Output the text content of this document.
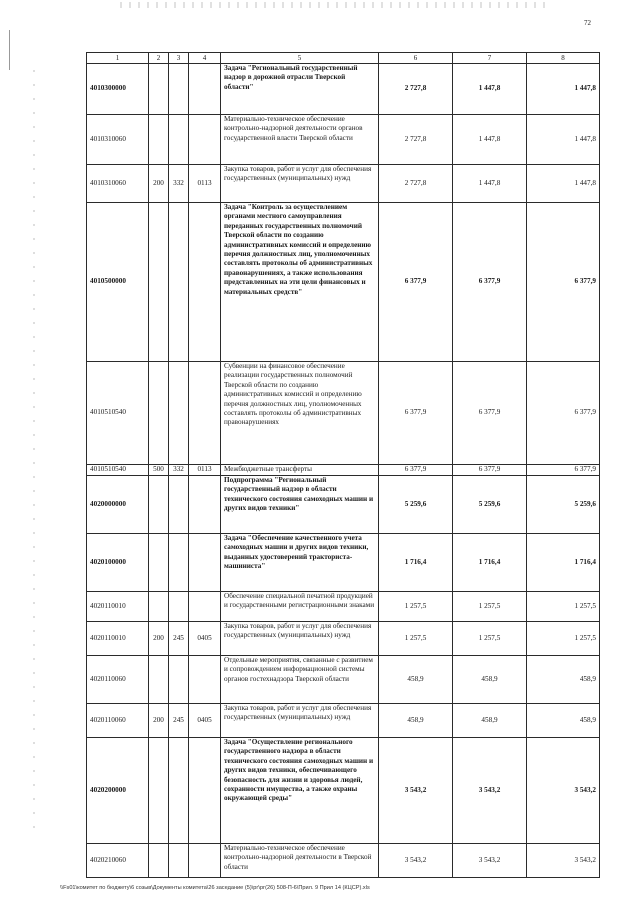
72
1	2	3	4	5	6	7	8
4010300000				Задача "Региональный государственный надзор в дорожной отрасли Тверской области"	2 727,8	1 447,8	1 447,8
4010310060				Материально-техническое обеспечение контрольно-надзорной деятельности органов государственной власти Тверской области	2 727,8	1 447,8	1 447,8
4010310060	200	332	0113	Закупка товаров, работ и услуг для обеспечения государственных (муниципальных) нужд	2 727,8	1 447,8	1 447,8
4010500000				Задача "Контроль за осуществлением органами местного самоуправления переданных государственных полномочий Тверской области по созданию административных комиссий и определению перечня должностных лиц, уполномоченных составлять протоколы об административных правонарушениях, а также использования представленных на эти цели финансовых и материальных средств"	6 377,9	6 377,9	6 377,9
4010510540				Субвенции на финансовое обеспечение реализации государственных полномочий Тверской области по созданию административных комиссий и определению перечня должностных лиц, уполномоченных составлять протоколы об административных правонарушениях	6 377,9	6 377,9	6 377,9
4010510540	500	332	0113	Межбюджетные трансферты	6 377,9	6 377,9	6 377,9
4020000000				Подпрограмма "Региональный государственный надзор в области технического состояния самоходных машин и других видов техники"	5 259,6	5 259,6	5 259,6
4020100000				Задача "Обеспечение качественного учета самоходных машин и других видов техники, выданных удостоверений тракториста-машиниста"	1 716,4	1 716,4	1 716,4
4020110010				Обеспечение специальной печатной продукцией и государственными регистрационными знаками	1 257,5	1 257,5	1 257,5
4020110010	200	245	0405	Закупка товаров, работ и услуг для обеспечения государственных (муниципальных) нужд	1 257,5	1 257,5	1 257,5
4020110060				Отдельные мероприятия, связанные с развитием и сопровождением информационной системы органов гостехнадзора Тверской области	458,9	458,9	458,9
4020110060	200	245	0405	Закупка товаров, работ и услуг для обеспечения государственных (муниципальных) нужд	458,9	458,9	458,9
4020200000				Задача "Осуществление регионального государственного надзора в области технического состояния самоходных машин и других видов техники, обеспечивающего безопасность для жизни и здоровья людей, сохранности имущества, а также охраны окружающей среды"	3 543,2	3 543,2	3 543,2
4020210060				Материально-техническое обеспечение контрольно-надзорной деятельности в Тверской области	3 543,2	3 543,2	3 543,2
\\Fs01\комитет по бюджету\6 созыв\Документы комитета\26 заседание (5)\рг\рг(26) 508-П-6\Прил. 9 Прил 14 (КЦСР).xls
